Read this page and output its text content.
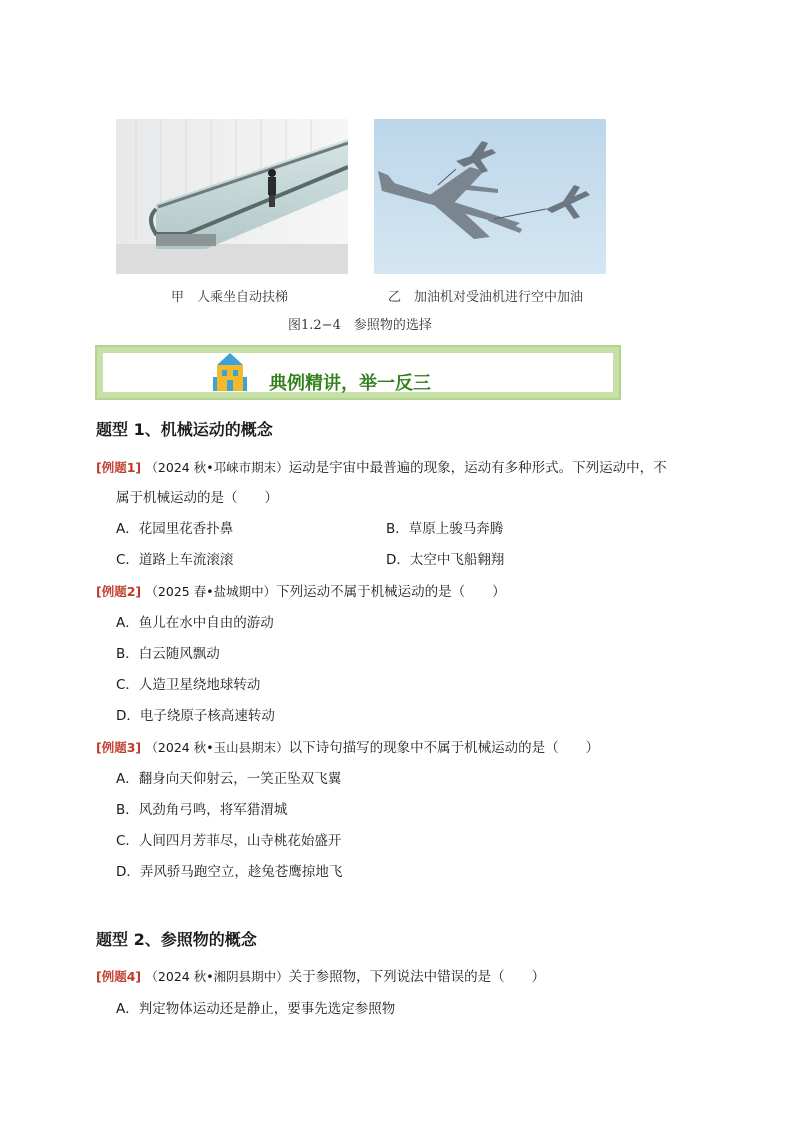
甲　人乘坐自动扶梯	乙　加油机对受油机进行空中加油
图1.2−4　参照物的选择
典例精讲，举一反三
题型 1、机械运动的概念
[例题1] （2024 秋•邛崃市期末）运动是宇宙中最普遍的现象，运动有多种形式。下列运动中，不
属于机械运动的是（　　）
A．花园里花香扑鼻	B．草原上骏马奔腾
C．道路上车流滚滚	D．太空中飞船翱翔
[例题2] （2025 春•盐城期中）下列运动不属于机械运动的是（　　）
A．鱼儿在水中自由的游动
B．白云随风飘动
C．人造卫星绕地球转动
D．电子绕原子核高速转动
[例题3] （2024 秋•玉山县期末）以下诗句描写的现象中不属于机械运动的是（　　）
A．翻身向天仰射云，一笑正坠双飞翼
B．风劲角弓鸣，将军猎渭城
C．人间四月芳菲尽，山寺桃花始盛开
D．弄风骄马跑空立，趁兔苍鹰掠地飞
题型 2、参照物的概念
[例题4] （2024 秋•湘阴县期中）关于参照物，下列说法中错误的是（　　）
A．判定物体运动还是静止，要事先选定参照物
